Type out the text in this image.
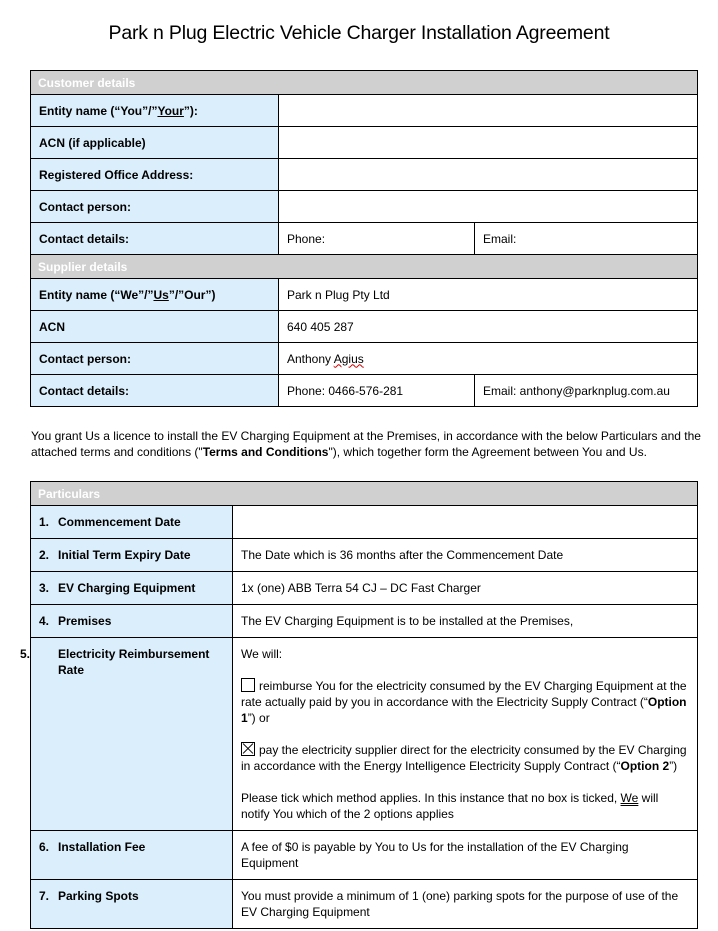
Park n Plug Electric Vehicle Charger Installation Agreement
Customer details		
Entity name (“You”/”Your”):		
ACN (if applicable)		
Registered Office Address:		
Contact person:		
Contact details:	Phone:	Email:
Supplier details		
Entity name (“We”/”Us”/”Our”)	Park n Plug Pty Ltd	
ACN	640 405 287	
Contact person:	Anthony Agius	
Contact details:	Phone: 0466-576-281	Email: anthony@parknplug.com.au
You grant Us a licence to install the EV Charging Equipment at the Premises, in accordance with the below Particulars and the attached terms and conditions ("Terms and Conditions"), which together form the Agreement between You and Us.
Particulars	
1. Commencement Date	
2. Initial Term Expiry Date	The Date which is 36 months after the Commencement Date
3. EV Charging Equipment	1x (one) ABB Terra 54 CJ – DC Fast Charger
4. Premises	The EV Charging Equipment is to be installed at the Premises,

5. Electricity Reimbursement Rate	We will:
reimburse You for the electricity consumed by the EV Charging Equipment at the rate actually paid by you in accordance with the Electricity Supply Contract (“Option 1”) or
pay the electricity supplier direct for the electricity consumed by the EV Charging in accordance with the Energy Intelligence Electricity Supply Contract (“Option 2”)
Please tick which method applies. In this instance that no box is ticked, We will notify You which of the 2 options applies

6. Installation Fee	A fee of $0 is payable by You to Us for the installation of the EV Charging Equipment
7. Parking Spots	You must provide a minimum of 1 (one) parking spots for the purpose of use of the EV Charging Equipment
